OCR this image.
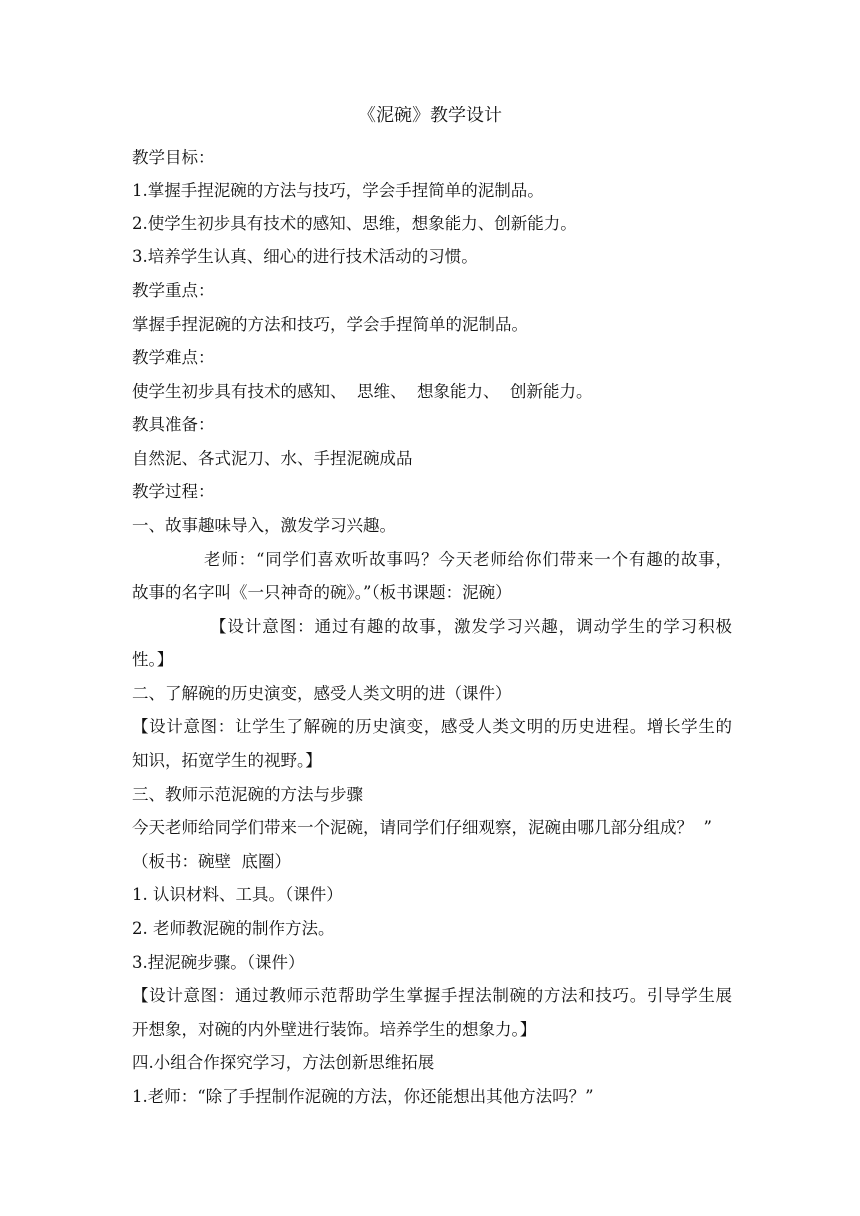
《泥碗》教学设计
教学目标：
1.掌握手捏泥碗的方法与技巧，学会手捏简单的泥制品。
2.使学生初步具有技术的感知、思维，想象能力、创新能力。
3.培养学生认真、细心的进行技术活动的习惯。
教学重点：
掌握手捏泥碗的方法和技巧，学会手捏简单的泥制品。
教学难点：
使学生初步具有技术的感知、  思维、  想象能力、  创新能力。
教具准备：
自然泥、各式泥刀、水、手捏泥碗成品
教学过程：
一、故事趣味导入，激发学习兴趣。
老师：“同学们喜欢听故事吗？今天老师给你们带来一个有趣的故事，
故事的名字叫《一只神奇的碗》。”（板书课题：泥碗）
【设计意图：通过有趣的故事，激发学习兴趣，调动学生的学习积极
性。】
二、了解碗的历史演变，感受人类文明的进（课件）
【设计意图：让学生了解碗的历史演变，感受人类文明的历史进程。增长学生的
知识，拓宽学生的视野。】
三、教师示范泥碗的方法与步骤
今天老师给同学们带来一个泥碗，请同学们仔细观察，泥碗由哪几部分组成？  ”
（板书：碗壁  底圈）
1. 认识材料、工具。（课件）
2. 老师教泥碗的制作方法。
3.捏泥碗步骤。（课件）
【设计意图：通过教师示范帮助学生掌握手捏法制碗的方法和技巧。引导学生展
开想象，对碗的内外壁进行装饰。培养学生的想象力。】
四.小组合作探究学习，方法创新思维拓展
1.老师：“除了手捏制作泥碗的方法，你还能想出其他方法吗？”
